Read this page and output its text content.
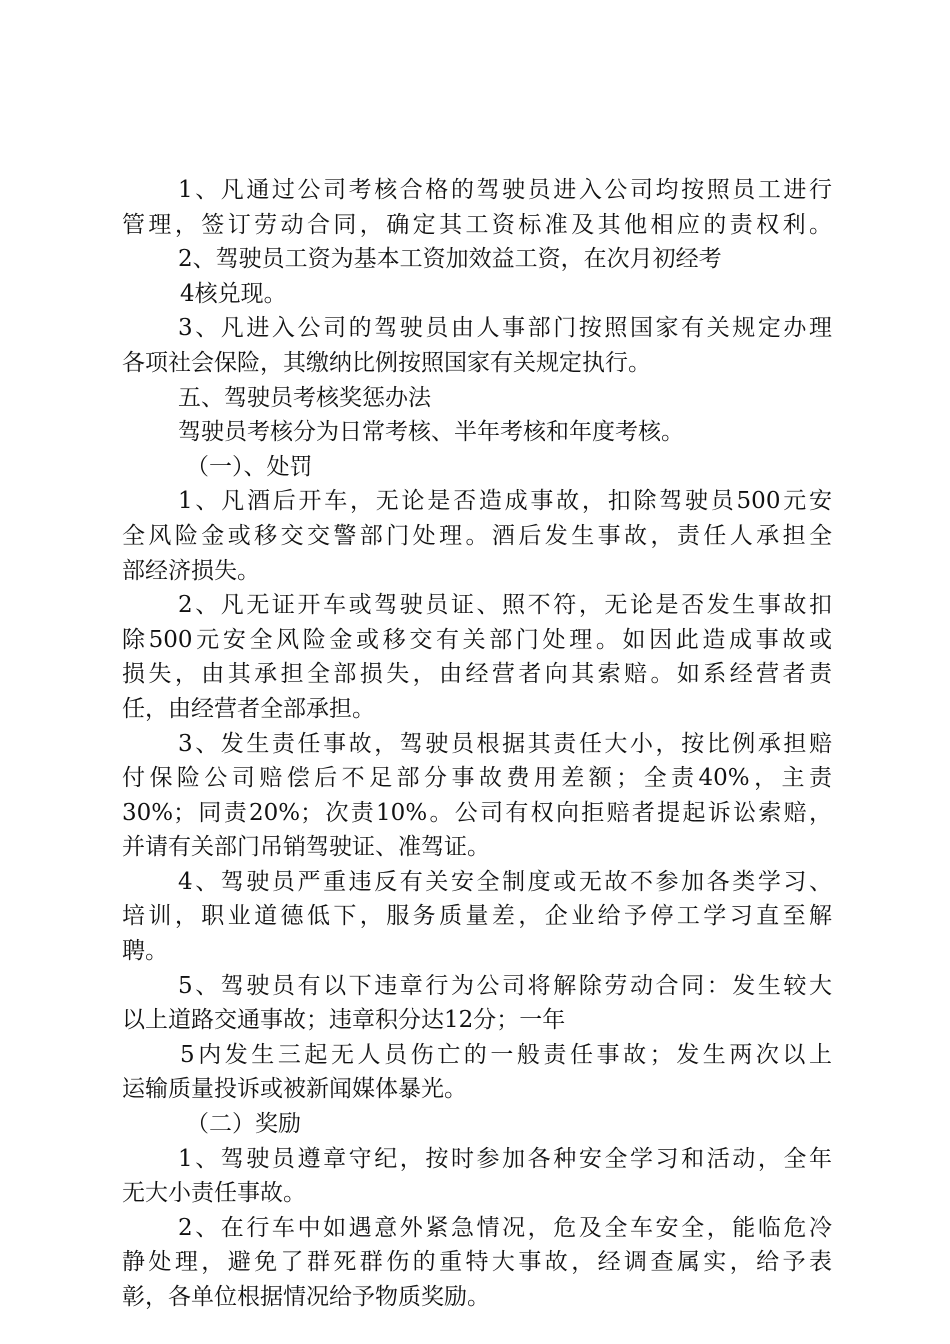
1、凡通过公司考核合格的驾驶员进入公司均按照员工进行
管理，签订劳动合同，确定其工资标准及其他相应的责权利。
2、驾驶员工资为基本工资加效益工资，在次月初经考
4核兑现。
3、凡进入公司的驾驶员由人事部门按照国家有关规定办理
各项社会保险，其缴纳比例按照国家有关规定执行。
五、驾驶员考核奖惩办法
驾驶员考核分为日常考核、半年考核和年度考核。
（一）、处罚
1、凡酒后开车，无论是否造成事故，扣除驾驶员500元安
全风险金或移交交警部门处理。酒后发生事故，责任人承担全
部经济损失。
2、凡无证开车或驾驶员证、照不符，无论是否发生事故扣
除500元安全风险金或移交有关部门处理。如因此造成事故或
损失，由其承担全部损失，由经营者向其索赔。如系经营者责
任，由经营者全部承担。
3、发生责任事故，驾驶员根据其责任大小，按比例承担赔
付保险公司赔偿后不足部分事故费用差额；全责40%，主责
30%；同责20%；次责10%。公司有权向拒赔者提起诉讼索赔，
并请有关部门吊销驾驶证、准驾证。
4、驾驶员严重违反有关安全制度或无故不参加各类学习、
培训，职业道德低下，服务质量差，企业给予停工学习直至解
聘。
5、驾驶员有以下违章行为公司将解除劳动合同：发生较大
以上道路交通事故；违章积分达12分；一年
5内发生三起无人员伤亡的一般责任事故；发生两次以上
运输质量投诉或被新闻媒体暴光。
（二）奖励
1、驾驶员遵章守纪，按时参加各种安全学习和活动，全年
无大小责任事故。
2、在行车中如遇意外紧急情况，危及全车安全，能临危冷
静处理，避免了群死群伤的重特大事故，经调查属实，给予表
彰，各单位根据情况给予物质奖励。
